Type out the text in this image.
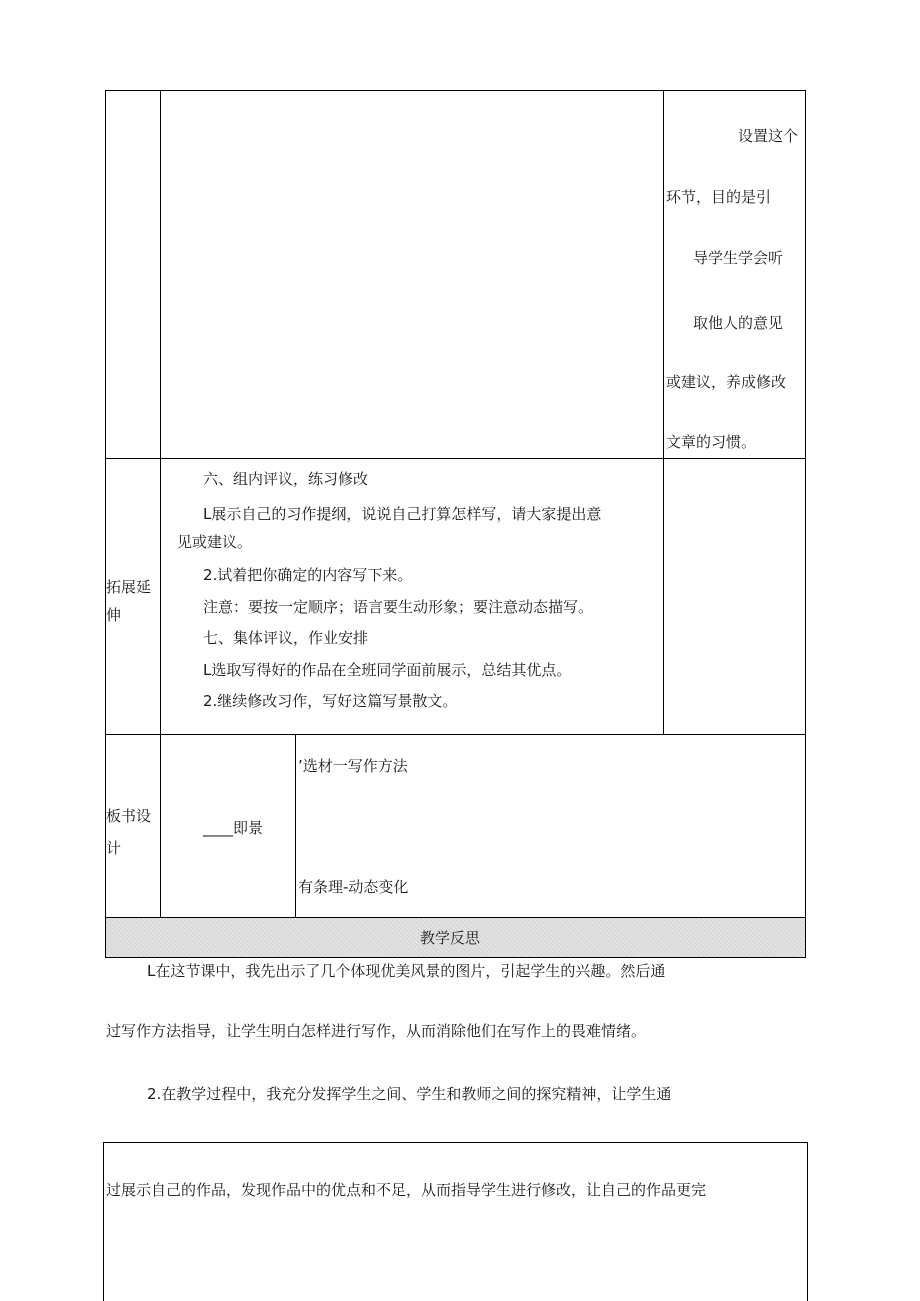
设置这个
环节，目的是引
导学生学会听
取他人的意见
或建议，养成修改
文章的习惯。
拓展延
伸
六、组内评议，练习修改
L展示自己的习作提纲，说说自己打算怎样写，请大家提出意
见或建议。
2.试着把你确定的内容写下来。
注意：要按一定顺序；语言要生动形象；要注意动态描写。
七、集体评议，作业安排
L选取写得好的作品在全班同学面前展示，总结其优点。
2.继续修改习作，写好这篇写景散文。
板书设
计
____即景
’选材一写作方法
有条理-动态变化
教学反思
L在这节课中，我先出示了几个体现优美风景的图片，引起学生的兴趣。然后通
过写作方法指导，让学生明白怎样进行写作，从而消除他们在写作上的畏难情绪。
2.在教学过程中，我充分发挥学生之间、学生和教师之间的探究精神，让学生通
过展示自己的作品，发现作品中的优点和不足，从而指导学生进行修改，让自己的作品更完
